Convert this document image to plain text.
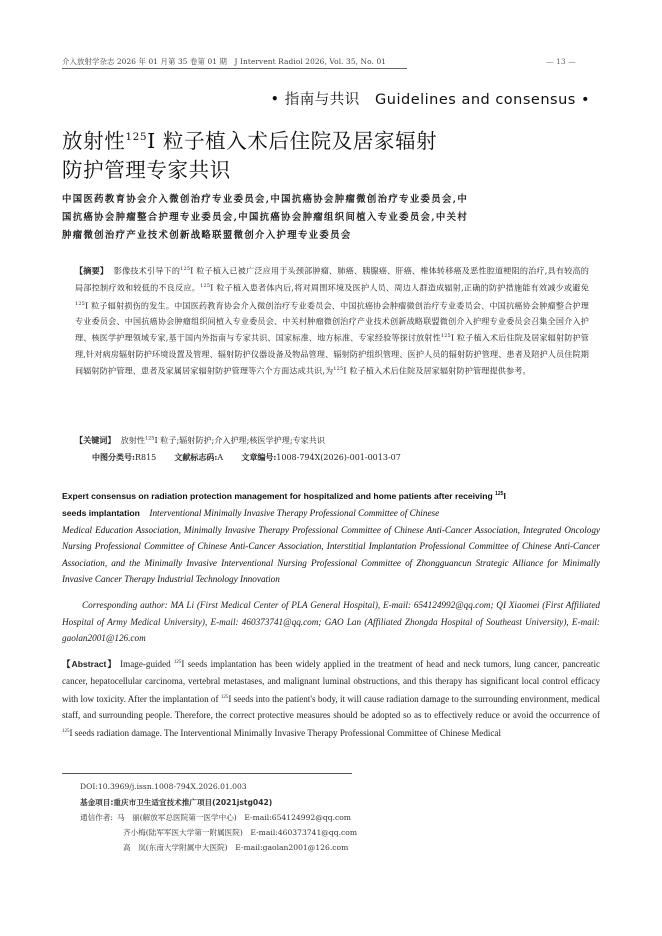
介入放射学杂志 2026 年 01 月第 35 卷第 01 期　J Intervent Radiol 2026, Vol. 35, No. 01	— 13 —
• 指南与共识 Guidelines and consensus •
放射性$^{125}$I 粒子植入术后住院及居家辐射
防护管理专家共识
中国医药教育协会介入微创治疗专业委员会,中国抗癌协会肿瘤微创治疗专业委员会,中
国抗癌协会肿瘤整合护理专业委员会,中国抗癌协会肿瘤组织间植入专业委员会,中关村
肿瘤微创治疗产业技术创新战略联盟微创介入护理专业委员会
【摘要】 影像技术引导下的$^{125}$I 粒子植入已被广泛应用于头颈部肿瘤、肺癌、胰腺癌、肝癌、椎体转移癌及恶性腔道梗阻的治疗,具有较高的局部控制疗效和较低的不良反应。$^{125}$I 粒子植入患者体内后,将对周围环境及医护人员、周边人群造成辐射,正确的防护措施能有效减少或避免$^{125}$I 粒子辐射损伤的发生。中国医药教育协会介入微创治疗专业委员会、中国抗癌协会肿瘤微创治疗专业委员会、中国抗癌协会肿瘤整合护理专业委员会、中国抗癌协会肿瘤组织间植入专业委员会、中关村肿瘤微创治疗产业技术创新战略联盟微创介入护理专业委员会召集全国介入护理、核医学护理领域专家,基于国内外指南与专家共识、国家标准、地方标准、专家经验等探讨放射性$^{125}$I 粒子植入术后住院及居家辐射防护管理,针对病房辐射防护环境设置及管理、辐射防护仪器设备及物品管理、辐射防护组织管理、医护人员的辐射防护管理、患者及陪护人员住院期间辐射防护管理、患者及家属居家辐射防护管理等六个方面达成共识,为$^{125}$I 粒子植入术后住院及居家辐射防护管理提供参考。
【关键词】 放射性$^{125}$I 粒子;辐射防护;介入护理;核医学护理;专家共识
中图分类号:R815 文献标志码:A 文章编号:1008-794X(2026)-001-0013-07
Expert consensus on radiation protection management for hospitalized and home patients after receiving $^{125}$I
seeds implantation Interventional Minimally Invasive Therapy Professional Committee of Chinese
Medical Education Association, Minimally Invasive Therapy Professional Committee of Chinese Anti-Cancer Association, Integrated Oncology Nursing Professional Committee of Chinese Anti-Cancer Association, Interstitial Implantation Professional Committee of Chinese Anti-Cancer Association, and the Minimally Invasive Interventional Nursing Professional Committee of Zhongguancun Strategic Alliance for Minimally Invasive Cancer Therapy Industrial Technology Innovation
Corresponding author: MA Li (First Medical Center of PLA General Hospital), E-mail: 654124992@qq.com; QI Xiaomei (First Affiliated Hospital of Army Medical University), E-mail: 460373741@qq.com; GAO Lan (Affiliated Zhongda Hospital of Southeast University), E-mail: gaolan2001@126.com
【Abstract】 Image-guided $^{125}$I seeds implantation has been widely applied in the treatment of head and neck tumors, lung cancer, pancreatic cancer, hepatocellular carcinoma, vertebral metastases, and malignant luminal obstructions, and this therapy has significant local control efficacy with low toxicity. After the implantation of $^{125}$I seeds into the patient's body, it will cause radiation damage to the surrounding environment, medical staff, and surrounding people. Therefore, the correct protective measures should be adopted so as to effectively reduce or avoid the occurrence of $^{125}$I seeds radiation damage. The Interventional Minimally Invasive Therapy Professional Committee of Chinese Medical
DOI:10.3969/j.issn.1008-794X.2026.01.003
基金项目:重庆市卫生适宜技术推广项目(2021jstg042)
通信作者: 马　丽(解放军总医院第一医学中心)　E-mail:654124992@qq.com
齐小梅(陆军军医大学第一附属医院)　E-mail:460373741@qq.com
高　岚(东南大学附属中大医院)　E-mail:gaolan2001@126.com
